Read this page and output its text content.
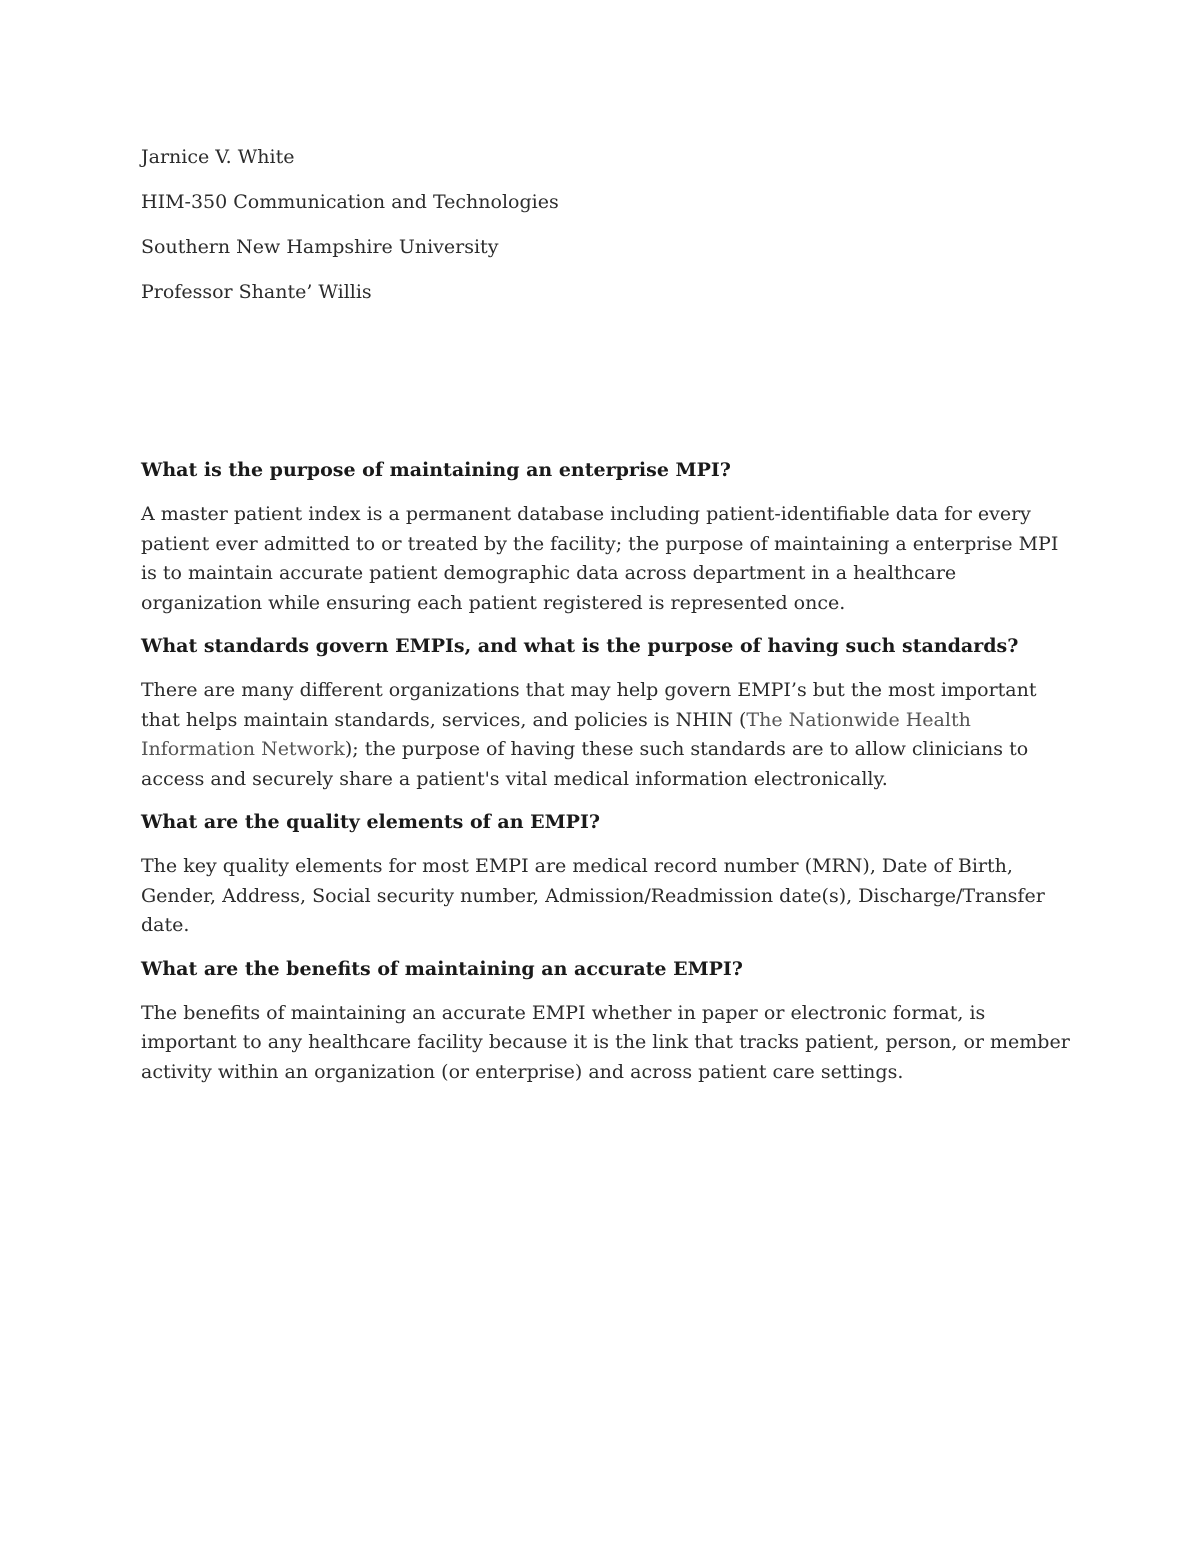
Jarnice V. White

HIM-350 Communication and Technologies

Southern New Hampshire University

Professor Shante’ Willis

What is the purpose of maintaining an enterprise MPI?

A master patient index is a permanent database including patient-identifiable data for every patient ever admitted to or treated by the facility; the purpose of maintaining a enterprise MPI is to maintain accurate patient demographic data across department in a healthcare organization while ensuring each patient registered is represented once.

What standards govern EMPIs, and what is the purpose of having such standards?

There are many different organizations that may help govern EMPI’s but the most important that helps maintain standards, services, and policies is NHIN (The Nationwide Health Information Network); the purpose of having these such standards are to allow clinicians to access and securely share a patient's vital medical information electronically.

What are the quality elements of an EMPI?

The key quality elements for most EMPI are medical record number (MRN), Date of Birth, Gender, Address, Social security number, Admission/Readmission date(s), Discharge/Transfer date.

What are the benefits of maintaining an accurate EMPI?

The benefits of maintaining an accurate EMPI whether in paper or electronic format, is important to any healthcare facility because it is the link that tracks patient, person, or member activity within an organization (or enterprise) and across patient care settings.
